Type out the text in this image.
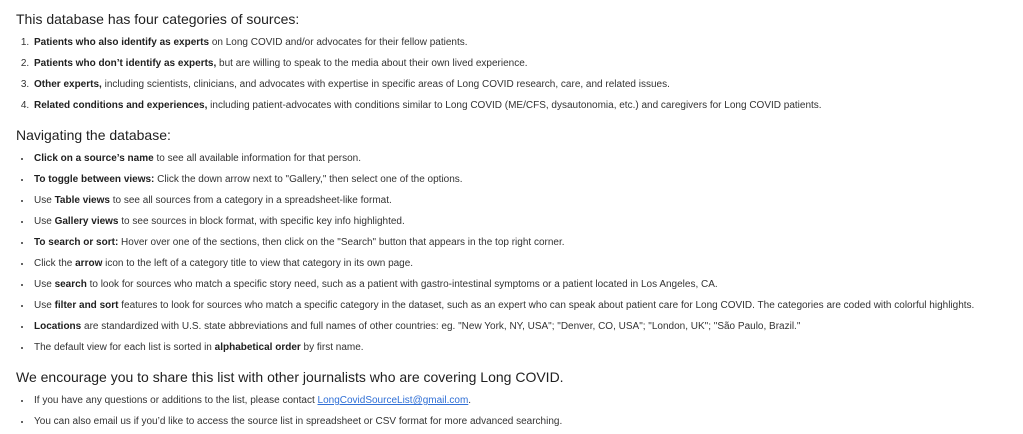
This database has four categories of sources:
1. Patients who also identify as experts on Long COVID and/or advocates for their fellow patients.
2. Patients who don’t identify as experts, but are willing to speak to the media about their own lived experience.
3. Other experts, including scientists, clinicians, and advocates with expertise in specific areas of Long COVID research, care, and related issues.
4. Related conditions and experiences, including patient-advocates with conditions similar to Long COVID (ME/CFS, dysautonomia, etc.) and caregivers for Long COVID patients.
Navigating the database:
• Click on a source’s name to see all available information for that person.
• To toggle between views: Click the down arrow next to "Gallery," then select one of the options.
• Use Table views to see all sources from a category in a spreadsheet-like format.
• Use Gallery views to see sources in block format, with specific key info highlighted.
• To search or sort: Hover over one of the sections, then click on the "Search" button that appears in the top right corner.
• Click the arrow icon to the left of a category title to view that category in its own page.
• Use search to look for sources who match a specific story need, such as a patient with gastro-intestinal symptoms or a patient located in Los Angeles, CA.
• Use filter and sort features to look for sources who match a specific category in the dataset, such as an expert who can speak about patient care for Long COVID. The categories are coded with colorful highlights.
• Locations are standardized with U.S. state abbreviations and full names of other countries: eg. "New York, NY, USA"; "Denver, CO, USA"; "London, UK"; "São Paulo, Brazil."
• The default view for each list is sorted in alphabetical order by first name.
We encourage you to share this list with other journalists who are covering Long COVID.
• If you have any questions or additions to the list, please contact LongCovidSourceList@gmail.com.
• You can also email us if you’d like to access the source list in spreadsheet or CSV format for more advanced searching.
